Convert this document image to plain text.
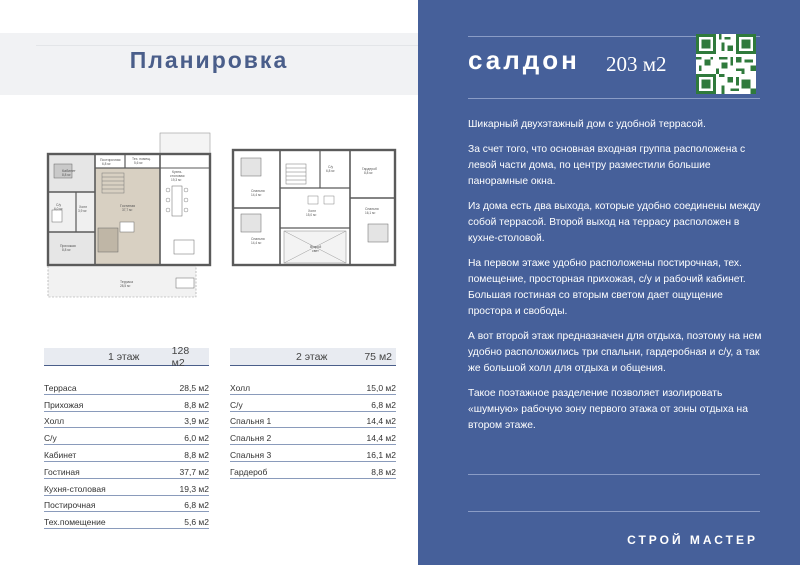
Планировка
Кабинет
8,8 м²
Постирочная
6,8 м²
Тех. помещ.
5,6 м²
Кухня-
столовая
19,3 м²
Гостиная
37,7 м²
С/у
6,0 м²	Холл
3,9 м²
Прихожая
8,8 м²
Терраса
28,5 м²
Спальня
14,4 м²
Спальня
14,4 м²
Спальня
16,1 м²
С/у
6,8 м²	Гардероб
8,8 м²
Холл
15,0 м²
Второй
свет
1 этаж	128 м2
Терраса	28,5 м2
Прихожая	8,8 м2
Холл	3,9 м2
С/у	6,0 м2
Кабинет	8,8 м2
Гостиная	37,7 м2
Кухня-столовая	19,3 м2
Постирочная	6,8 м2
Тех.помещение	5,6 м2
2 этаж	75 м2
Холл	15,0 м2
С/у	6,8 м2
Спальня 1	14,4 м2
Спальня 2	14,4 м2
Спальня 3	16,1 м2
Гардероб	8,8 м2
салдон 203 м2

Шикарный двухэтажный дом с удобной террасой.

За счет того, что основная входная группа расположена с левой части дома, по центру разместили большие панорамные окна.

Из дома есть два выхода, которые удобно соединены между собой террасой. Второй выход на террасу расположен в кухне-столовой.

На первом этаже удобно расположены постирочная, тех. помещение, просторная прихожая, с/у и рабочий кабинет. Большая гостиная со вторым светом дает ощущение простора и свободы.

А вот второй этаж предназначен для отдыха, поэтому на нем удобно расположились три спальни, гардеробная и с/у, а так же большой холл для отдыха и общения.

Такое поэтажное разделение позволяет изолировать «шумную» рабочую зону первого этажа от зоны отдыха на втором этаже.

СТРОЙ МАСТЕР
